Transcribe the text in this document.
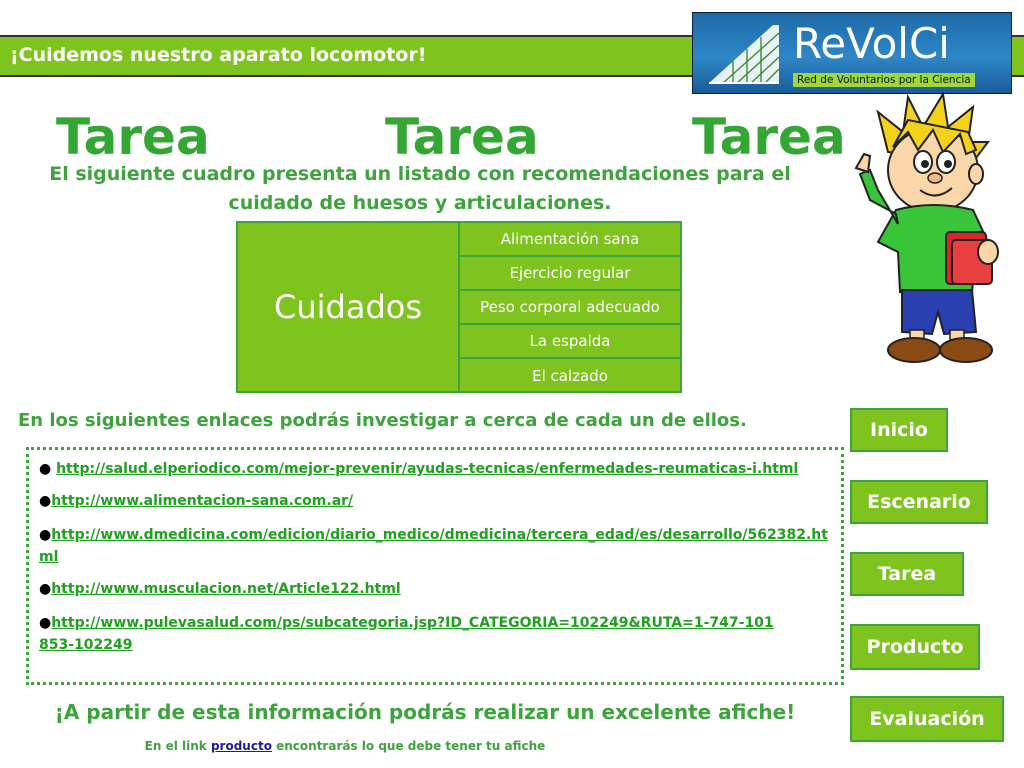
¡Cuidemos nuestro aparato locomotor!	ReVolCi
Red de Voluntarios por la Ciencia
Tarea	Tarea	Tarea
El siguiente cuadro presenta un listado con recomendaciones para el
cuidado de huesos y articulaciones.
Cuidados
Alimentación sana
Ejercicio regular
Peso corporal adecuado
La espalda
El calzado
En los siguientes enlaces podrás investigar a cerca de cada un de ellos.
● http://salud.elperiodico.com/mejor-prevenir/ayudas-tecnicas/enfermedades-reumaticas-i.html
●http://www.alimentacion-sana.com.ar/
●http://www.dmedicina.com/edicion/diario_medico/dmedicina/tercera_edad/es/desarrollo/562382.html
●http://www.musculacion.net/Article122.html
●http://www.pulevasalud.com/ps/subcategoria.jsp?ID_CATEGORIA=102249&RUTA=1-747-101853-102249
Inicio
Escenario
Tarea
Producto
Evaluación
¡A partir de esta información podrás realizar un excelente afiche!
En el link producto encontrarás lo que debe tener tu afiche
